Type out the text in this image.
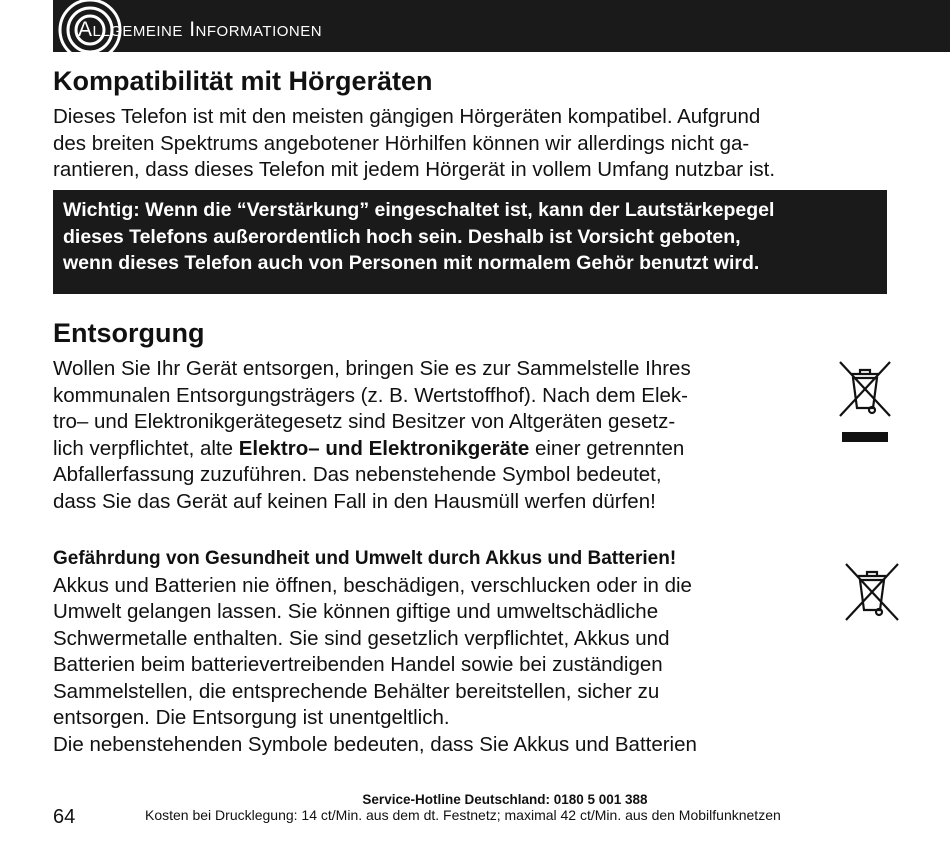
Allgemeine Informationen
Kompatibilität mit Hörgeräten
Dieses Telefon ist mit den meisten gängigen Hörgeräten kompatibel. Aufgrund
des breiten Spektrums angebotener Hörhilfen können wir allerdings nicht ga-
rantieren, dass dieses Telefon mit jedem Hörgerät in vollem Umfang nutzbar ist.
Wichtig: Wenn die “Verstärkung” eingeschaltet ist, kann der Lautstärkepegel
dieses Telefons außerordentlich hoch sein. Deshalb ist Vorsicht geboten,
wenn dieses Telefon auch von Personen mit normalem Gehör benutzt wird.
Entsorgung
Wollen Sie Ihr Gerät entsorgen, bringen Sie es zur Sammelstelle Ihres
kommunalen Entsorgungsträgers (z. B. Wertstoffhof). Nach dem Elek-
tro– und Elektronikgerätegesetz sind Besitzer von Altgeräten gesetz-
lich verpflichtet, alte Elektro– und Elektronikgeräte einer getrennten
Abfallerfassung zuzuführen. Das nebenstehende Symbol bedeutet,
dass Sie das Gerät auf keinen Fall in den Hausmüll werfen dürfen!
Gefährdung von Gesundheit und Umwelt durch Akkus und Batterien!
Akkus und Batterien nie öffnen, beschädigen, verschlucken oder in die
Umwelt gelangen lassen. Sie können giftige und umweltschädliche
Schwermetalle enthalten. Sie sind gesetzlich verpflichtet, Akkus und
Batterien beim batterievertreibenden Handel sowie bei zuständigen
Sammelstellen, die entsprechende Behälter bereitstellen, sicher zu
entsorgen. Die Entsorgung ist unentgeltlich.
Die nebenstehenden Symbole bedeuten, dass Sie Akkus und Batterien
Service-Hotline Deutschland: 0180 5 001 388
Kosten bei Drucklegung: 14 ct/Min. aus dem dt. Festnetz; maximal 42 ct/Min. aus den Mobilfunknetzen
64
